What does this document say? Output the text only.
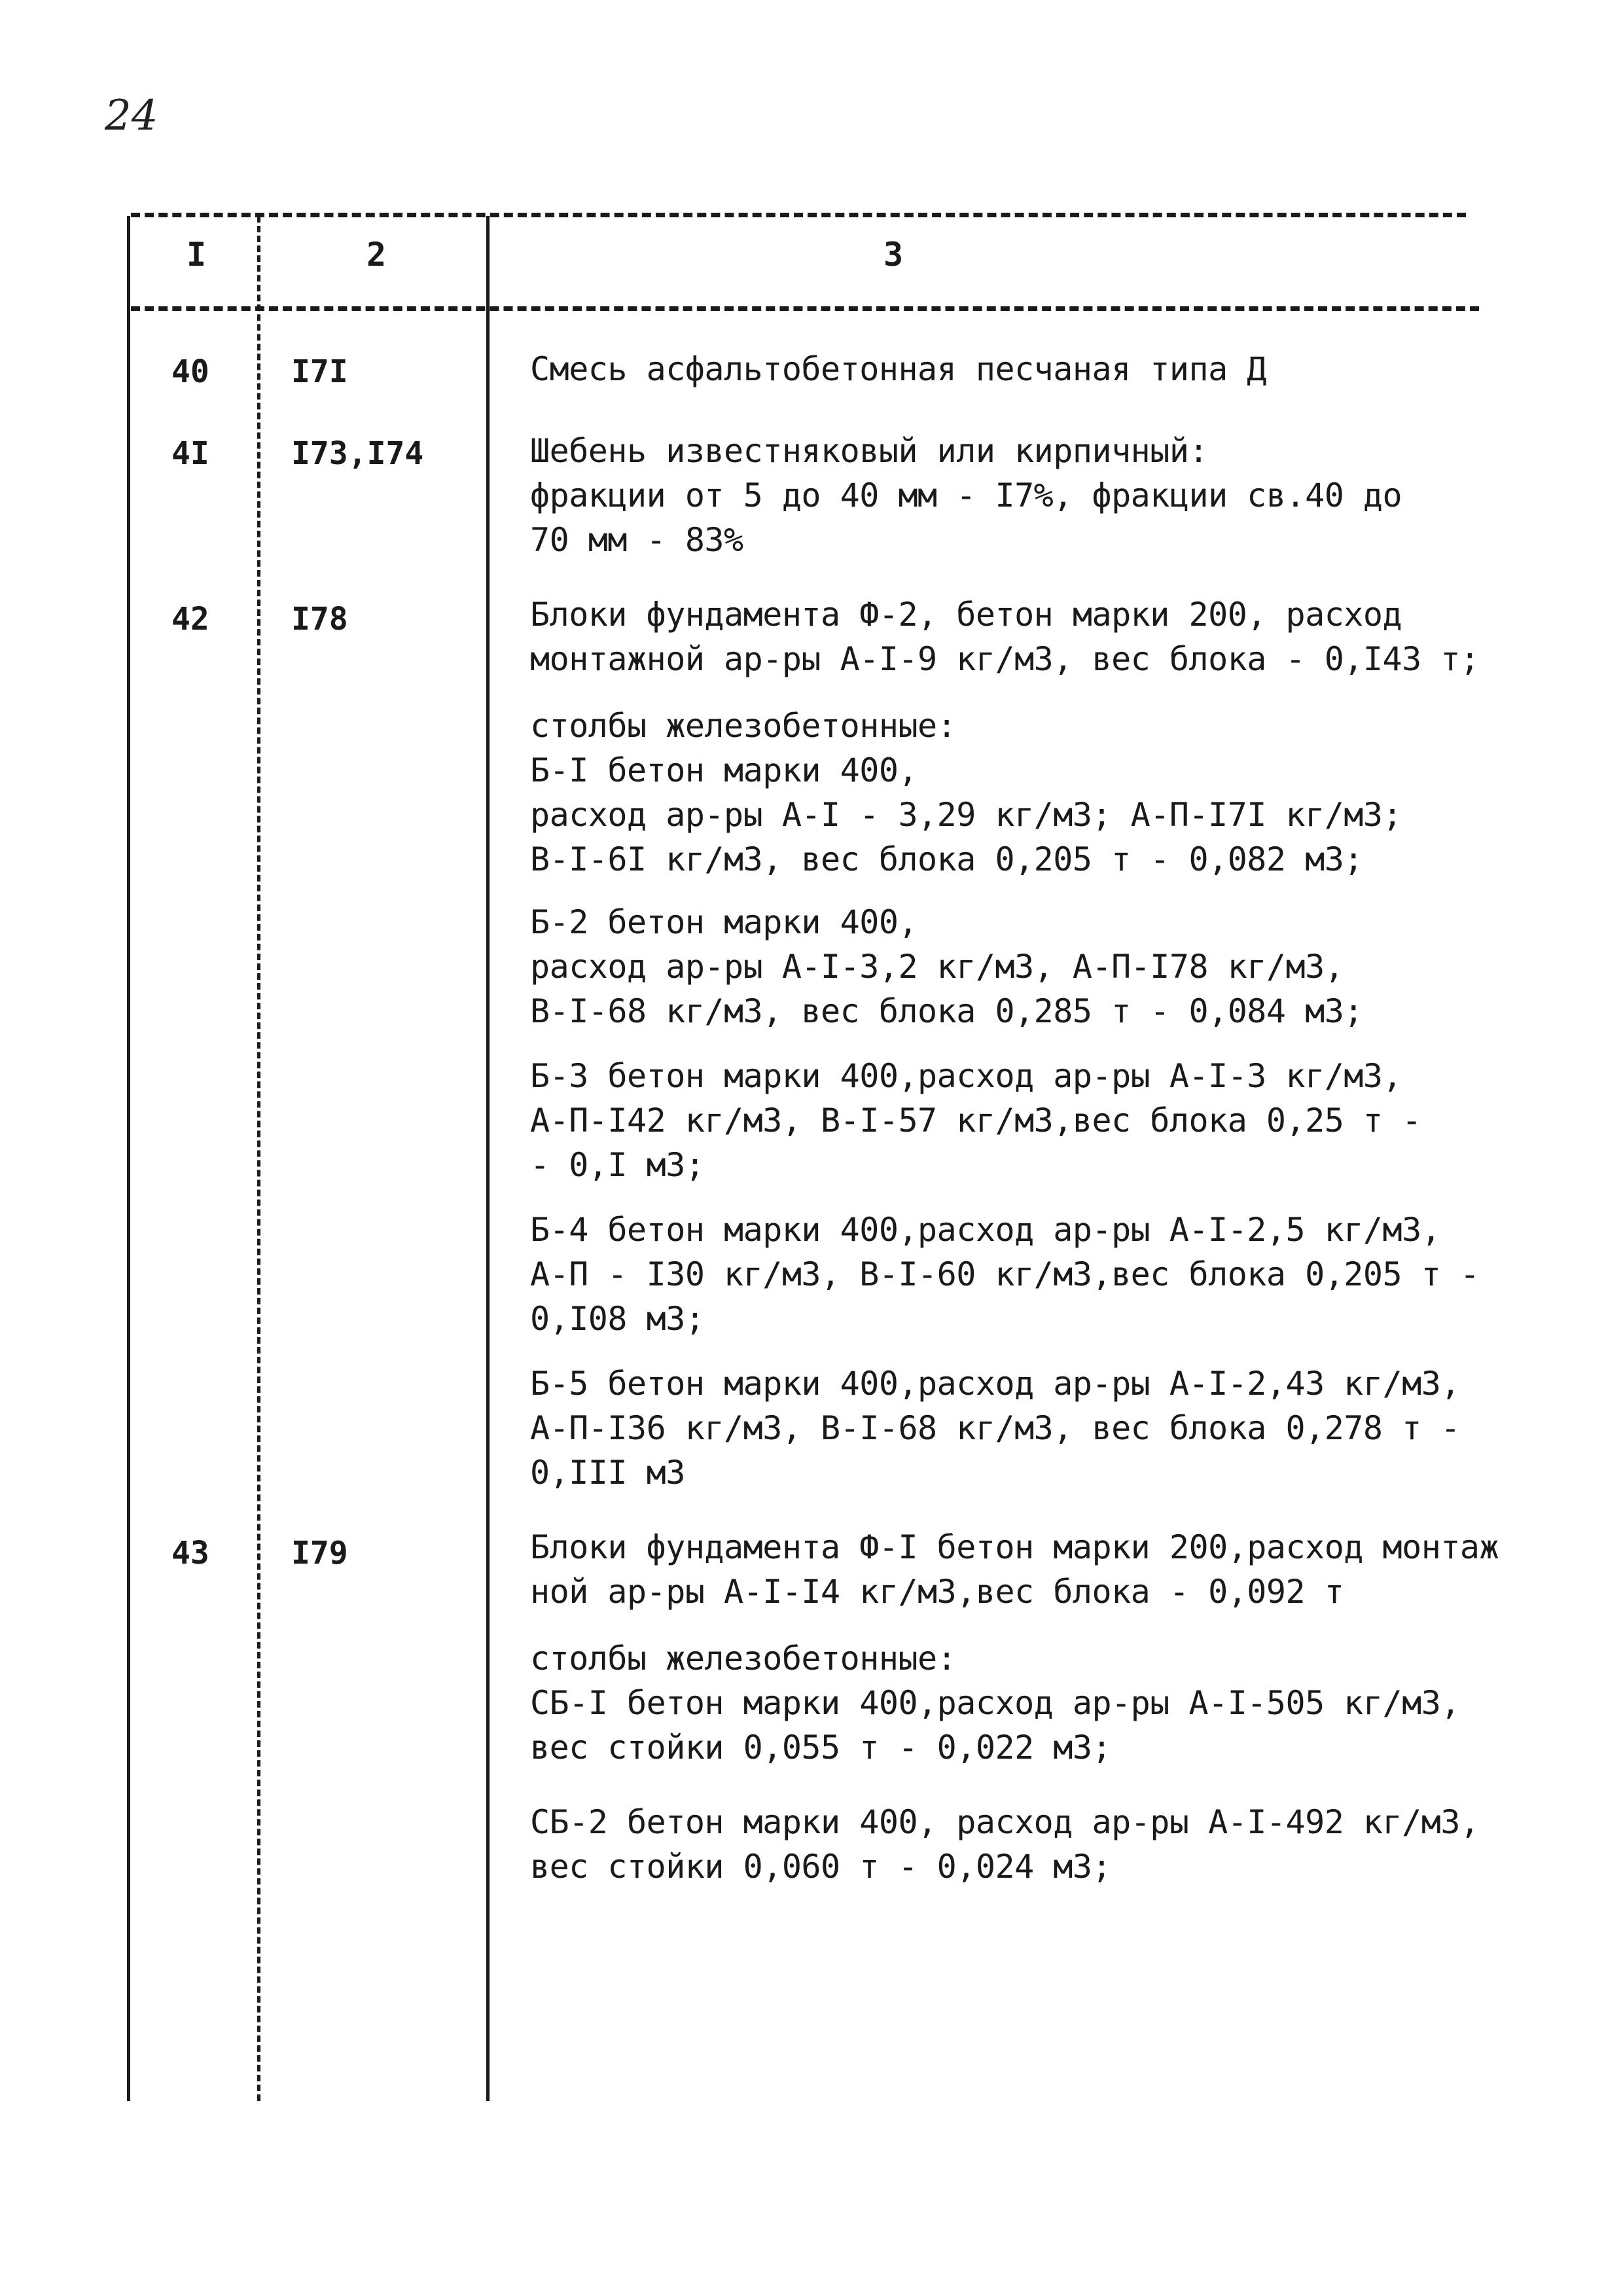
24
I	2	3
40	I7I	Смесь асфальтобетонная песчаная типа Д
4I	I73,I74	Шебень известняковый или кирпичный:
фракции от 5 до 40 мм - I7%, фракции св.40 до
70 мм - 83%
42	I78	Блоки фундамента Ф-2, бетон марки 200, расход
монтажной ар-ры А-I-9 кг/м3, вес блока - 0,I43 т;
столбы железобетонные:
Б-I бетон марки 400,
расход ар-ры А-I - 3,29 кг/м3; А-П-I7I кг/м3;
В-I-6I кг/м3, вес блока 0,205 т - 0,082 м3;
Б-2 бетон марки 400,
расход ар-ры А-I-3,2 кг/м3, А-П-I78 кг/м3,
В-I-68 кг/м3, вес блока 0,285 т - 0,084 м3;
Б-3 бетон марки 400,расход ар-ры А-I-3 кг/м3,
А-П-I42 кг/м3, В-I-57 кг/м3,вес блока 0,25 т -
- 0,I м3;
Б-4 бетон марки 400,расход ар-ры А-I-2,5 кг/м3,
А-П - I30 кг/м3, В-I-60 кг/м3,вес блока 0,205 т -
0,I08 м3;
Б-5 бетон марки 400,расход ар-ры А-I-2,43 кг/м3,
А-П-I36 кг/м3, В-I-68 кг/м3, вес блока 0,278 т -
0,III м3
43	I79	Блоки фундамента Ф-I бетон марки 200,расход монтаж
ной ар-ры А-I-I4 кг/м3,вес блока - 0,092 т
столбы железобетонные:
СБ-I бетон марки 400,расход ар-ры А-I-505 кг/м3,
вес стойки 0,055 т - 0,022 м3;
СБ-2 бетон марки 400, расход ар-ры А-I-492 кг/м3,
вес стойки 0,060 т - 0,024 м3;
